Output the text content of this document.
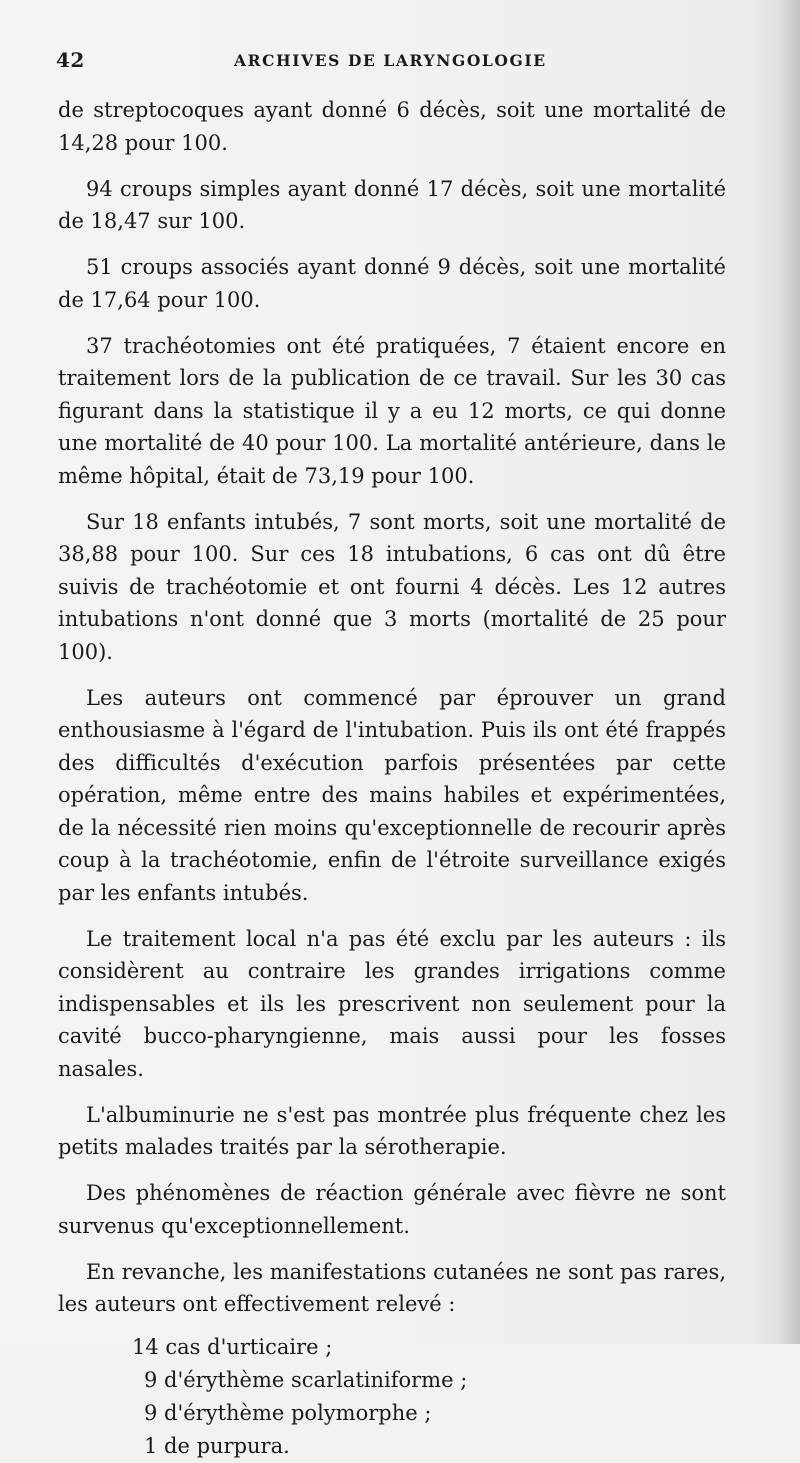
42	ARCHIVES DE LARYNGOLOGIE

de streptocoques ayant donné 6 décès, soit une mortalité de 14,28 pour 100.

94 croups simples ayant donné 17 décès, soit une mortalité de 18,47 sur 100.

51 croups associés ayant donné 9 décès, soit une mortalité de 17,64 pour 100.

37 trachéotomies ont été pratiquées, 7 étaient encore en traitement lors de la publication de ce travail. Sur les 30 cas figurant dans la statistique il y a eu 12 morts, ce qui donne une mortalité de 40 pour 100. La mortalité antérieure, dans le même hôpital, était de 73,19 pour 100.

Sur 18 enfants intubés, 7 sont morts, soit une mortalité de 38,88 pour 100. Sur ces 18 intubations, 6 cas ont dû être suivis de trachéotomie et ont fourni 4 décès. Les 12 autres intubations n'ont donné que 3 morts (mortalité de 25 pour 100).

Les auteurs ont commencé par éprouver un grand enthousiasme à l'égard de l'intubation. Puis ils ont été frappés des difficultés d'exécution parfois présentées par cette opération, même entre des mains habiles et expérimentées, de la nécessité rien moins qu'exceptionnelle de recourir après coup à la trachéotomie, enfin de l'étroite surveillance exigés par les enfants intubés.

Le traitement local n'a pas été exclu par les auteurs : ils considèrent au contraire les grandes irrigations comme indispensables et ils les prescrivent non seulement pour la cavité bucco-pharyngienne, mais aussi pour les fosses nasales.

L'albuminurie ne s'est pas montrée plus fréquente chez les petits malades traités par la sérotherapie.

Des phénomènes de réaction générale avec fièvre ne sont survenus qu'exceptionnellement.

En revanche, les manifestations cutanées ne sont pas rares, les auteurs ont effectivement relevé :

14 cas d'urticaire ;
9 d'érythème scarlatiniforme ;
9 d'érythème polymorphe ;
1 de purpura.
